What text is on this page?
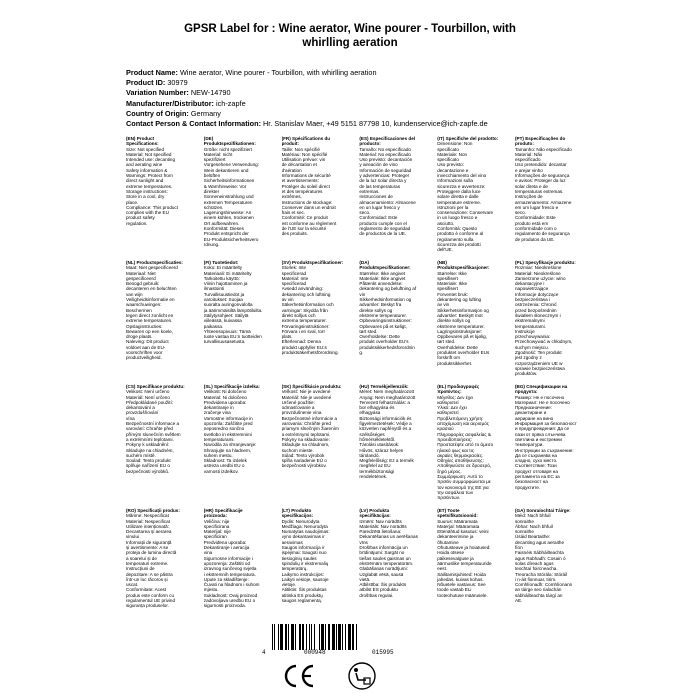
GPSR Label for : Wine aerator, Wine pourer - Tourbillon, with
whirlling aeration
Product Name: Wine aerator, Wine pourer - Tourbillon, with whirlling aeration
Product ID: 30979
Variation Number: NEW-14790
Manufacturer/Distributor: ich-zapfe
Country of Origin: Germany
Contact Person & Contact Information: Hr. Stanislav Maer, +49 5151 87798 10, kundenservice@ich-zapfe.de
(EN) Product Specifications:
Size: Not specified
Material: Not specified
Intended use: decanting
and aerating wine
Safety information &
Warnings: Protect from
direct sunlight and
extreme temperatures.
Storage instructions:
Store in a cool, dry
place.
Compliance: This product
complies with the EU
product safety
regulation.
(DE) Produktspezifikationen:
Größe: nicht spezifiziert
Material: nicht
spezifiziert
Vorgesehene Verwendung:
Wein dekantieren und
belüften
Sicherheitsinformationen
& Warnhinweise: Vor
direkter
Sonneneinstrahlung und
extremen Temperaturen
schützen.
Lagerungshinweise: An
einem kühlen, trockenen
Ort aufbewahren.
Konformität: Dieses
Produkt entspricht der
EU-Produktsicherheitsvero
rdnung.
(FR) Spécifications du produit:
Taille: Non spécifié
Matériau: Non spécifié
Utilisation prévue: vin
de décantation et
d'aération
Informations de sécurité
et avertissements:
Protéger du soleil direct
et des températures
extrêmes.
Instructions de stockage:
Conserver dans un endroit
frais et sec.
Conformité: Ce produit
est conforme au règlement
de l'UE sur la sécurité
des produits.
(ES) Especificaciones del producto:
Tamaño: No especificado
Material: No especificado
Uso previsto: decantación
y aireación de vino
Información de seguridad
y advertencias: Proteger
de la luz solar directa y
de las temperaturas
extremas.
Instrucciones de
almacenamiento: Almacene
en un lugar fresco y
seco.
Conformidad: Este
producto cumple con el
reglamento de seguridad
de productos de la UE.
(IT) Specifiche del prodotto:
Dimensione: Non
specificato
Materiale: Non
specificato
Uso previsto:
decantazione e
invecchiamento del vino
Informazioni sulla
sicurezza e avvertenze:
Proteggere dalla luce
solare diretta e dalle
temperature estreme.
Istruzioni per la
conservazione: Conservare
in un luogo fresco e
asciutto.
Conformità: Questo
prodotto è conforme al
regolamento sulla
sicurezza dei prodotti
dell'UE.
(PT) Especificações do produto:
Tamanho: Não especificado
Material: Não
especificado
Uso pretendido: decantar
e arejar vinho
Informações de segurança
e avisos: Proteger da luz
solar direta e de
temperaturas extremas.
Instruções de
armazenamento: Armazene
em um lugar fresco e
seco.
Conformidade: Este
produto está em
conformidade com o
regulamento de segurança
de produtos da UE.
(NL) Productspecificaties:
Maat: Niet gespecificeerd
Materiaal: Niet
gespecificeerd
Beoogd gebruik:
decanteren en beluchten
van wijn
Veiligheidsinformatie en
waarschuwingen: Beschermen
tegen direct zonlicht en
extreme temperaturen.
Opslaginstructies:
Bewaren op een koele,
droge plaats.
Naleving: Dit product
voldoet aan de EU-
voorschriften voor
productveiligheid.
(FI) Tuotetiedot:
Koko: Ei määritelty
Materiaali: Ei määritelty
Tarkoitettu käyttö:
Viinin hajottaminen ja
ilmastointi
Turvallisuustiedot ja
varoitukset: Suojaa
suoralta auringonvalolta
ja äärimmäisiltä lämpötiloilta.
Säilytysohjeet: Säilytä
viileässä, kuivassa
paikassa.
Yhteensopivuus: Tämä
tuote vastaa EU:n tuotteiden
turvallisuusasetusta.
(SV) Produktspecifikationer:
Storlek: Inte
specificerad
Material: Inte
specificerad
Avsedd användning:
dekantering och luftning
av vin
Säkerhetsinformation och
varningar: Skydda från
direkt solljus och
extrema temperaturer.
Förvaringsinstruktioner:
Förvara i en sval, torr
plats.
Efterlevnad: Denna
produkt uppfyller EU:s
produktsäkerhetsförordning.
(DA) Produktspecifikationer:
Størrelse: Ikke angivet
Materiale: Ikke angivet
Påtænkt anvendelse:
dekantering og beluftning af
vin
Sikkerhedsinformation og
advarsler: Beskyt fra
direkte sollys og
ekstreme temperaturer.
Opbevaringsinstruktioner:
Opbevares på et køligt,
tørt sted.
Overholdelse: Dette
produkt overholder EU's
produktsikkerhedsforordnin
g.
(NB) Produktspesifikasjoner:
Størrelse: Ikke
spesifisert
Materiale: Ikke
spesifisert
Forventet bruk:
dekantering og lufting
av vin
Sikkerhetsinformasjon og
advarsler: Beskytt mot
direkte sollys og
ekstreme temperaturer.
Lagringsinstruksjoner:
Oppbevares på et kjølig,
tørt sted.
Overholdelse: Dette
produktet overholder EUs
forskrift om
produktsikkerhet.
(PL) Specyfikacje produktu:
Rozmiar: Nieokreślone
Materiał: Nieokreślone
Zamierzone użycie: wino
dekantacyjne i
napowietrzające
Informacje dotyczące
bezpieczeństwa i
ostrzeżenia: Chronić
przed bezpośrednim
światłem słonecznym i
ekstremalnymi
temperaturami.
Instrukcje
przechowywania:
Przechowywać w chłodnym,
suchym miejscu.
Zgodność: Ten produkt
jest zgodny z
rozporządzeniem UE w
sprawie bezpieczeństwa
produktów.
(CS) Specifikace produktu:
Velikost: Není určeno
Materiál: Není určeno
Předpokládané použití:
dekantování a provzdušňování
vína
Bezpečnostní informace a
varování: Chraňte před
přímým slunečním světlem
a extrémními teplotami.
Pokyny k uskladnění:
Skladujte na chladném,
suchém místě.
Soulad: Tento produkt
splňuje nařízení EU o
bezpečnosti výrobků.
(SL) Specifikacije izdelka:
Velikost: Ni določeno
Material: Ni določeno
Predvidena uporaba:
dekantiranje in
zračenje vina
Varnostne informacije in
opozorila: Zaščitite pred
neposredno sončno
svetlobo in ekstremnimi
temperaturami.
Navodila za shranjevanje:
Shranjujte na hladnem,
suhem mestu.
Skladnost: Ta izdelek
ustreza uredbi EU o
varnosti izdelkov.
(SK) Špecifikácie produktu:
Veľkosť: Nie je uvedené
Materiál: Nie je uvedené
Určené použitie:
odmasťovanie a
provzdušnenie vína
Bezpečnostné informácie a
varovania: Chráňte pred
priamym slnečným žiarením
a extrémnymi teplotami.
Pokyny na skladovanie:
Skladujte na chladnom,
suchom mieste.
Súlad: Tento výrobok
spĺňa nariadenie EÚ o
bezpečnosti výrobkov.
(HU) Termékjellemzők:
Méret: Nem meghatározott
Anyag: Nem meghatározott
Tervezett felhasználás: a
bor elhagyása és
elhagyása
Biztonsági információk és
figyelmeztetések: Védje a
közvetlen napfénytől és a
szélsőséges
hőmérsékletektől.
Tárolási utasítások:
Hűvös, száraz helyen
tárolandó.
Megfelelőség: Ez a termék
megfelel az EU
termékbiztonsági
rendeletének.
(EL) Προδιαγραφές προϊόντος:
Μέγεθος: Δεν έχει
καθοριστεί
Υλικό: Δεν έχει
καθοριστεί
Προβλεπόμενη χρήση:
αποχύμωση και αερισμός
κρασιού
Πληροφορίες ασφαλείας &
προειδοποιήσεις:
Προστατέψτε από το άμεσο
ηλιακό φως και τις
ακραίες θερμοκρασίες.
Οδηγίες αποθήκευσης:
Αποθηκεύστε σε δροσερό,
ξηρό μέρος.
Συμμόρφωση: Αυτό το
προϊόν συμμορφώνεται με
τον κανονισμό της ΕΕ για
την ασφάλεια των
προϊόντων.
(BG) Спецификации на продукта:
Размер: Не е посочено
Материал: Не е посочено
Предназначение: декантиране и
аериране на вино
Информация за безопасност
и предупреждения: Да се
пази от пряка слънчева
светлина и екстремни
температури.
Инструкции за съхранение:
Да се съхранява на
хладно, сухо място.
Съответствие: Този
продукт отговаря на
регламента на ЕС за
безопасност на
продуктите.
(RO) Specificații produs:
Mărime: Nespecificat
Material: Nespecificat
Utilizare intenționată:
Decantarea și aerarea
vinului
Informații de siguranță
și avertismente: A se
proteja de lumina directă
a soarelui și de
temperaturi extreme.
Instrucțiuni de
depozitare: A se păstra
într-un loc răcoros și
uscat.
Conformitate: Acest
produs este conform cu
regulamentul UE privind
siguranța produselor.
(HR) Specifikacije proizvoda:
Veličina: nije
specificirana
Materijal: nije
specificiran
Predviđena uporaba:
Dekantiranje i aeracija
vina
Sigurnosne informacije i
upozorenja: Zaštititi od
izravnog sunčevog svjetla
i ekstremnih temperatura.
Upute za skladištenje:
Čuvati na hladnom i suhom
mjestu.
Sukladnost: Ovaj proizvod
zadovoljava uredbu EU o
sigurnosti proizvoda.
(LT) Produkto specifikacijos:
Dydis: Nenurodyta
Medžiaga: Nenurodyta
Numatytas naudojimas:
vyno dekantavimas ir
aeravimas
Saugos informacija ir
įspėjimai: Saugoti nuo
tiesioginių saulės
spindulių ir ekstremalių
temperatūrų.
Laikymo instrukcijos:
Laikyti vėsioje, sausoje
vietoje.
Atitiktis: Šis produktas
atitinka ES produktų
saugos reglamentą.
(LV) Produkta specifikācijas:
Izmērs: Nav norādīts
Materiāls: Nav norādīts
Paredzētā lietošana:
Dekantēšanas un aerēšanas
vīns
Drošības informācija un
brīdinājumi: Sargāt no
tiešas saules gaismas un
ekstrēmām temperatūrām.
Glabāšanas norādījumi:
Uzglabāt vēsā, sausā
vietā.
Atbilstība: Šis produkts
atbilst ES produktu
drošības regulai.
(ET) Toote spetsifikatsioonid:
Suurus: Määramata
Materjal: Määramata
Ettenähtud kasutus: veini
dekanteerimine ja
õhutamine
Ohutusteave ja hoiatused:
Hoida otsese
päikesevalguse ja
äärmuslike temperatuuride
eest.
Säilitamisjuhised: Hoida
jahedas, kuivas kohas.
Nõuetele vastavus: See
toode vastab ELi
tooteohutuse määrusele.
(GA) Sonraíochtaí Táirge:
Méid: Nach bhfuil
sonraithe
Ábhar: Nach bhfuil
sonraithe
Úsáid Beartaithe:
decanting agus aeraithe
fíon
Faisnéis Sábháilteachta
agus Rabhadh: Cosain ó
solas díreach agus
teochtaí foircneacha.
Treoracha Stórála: Stóráil
i n-áit fionnuar, tirim.
Comhlíonadh: Comhlíonann
an táirge seo rialachán
sábháilteachta táirgí an
AE.
4	000948	015995
